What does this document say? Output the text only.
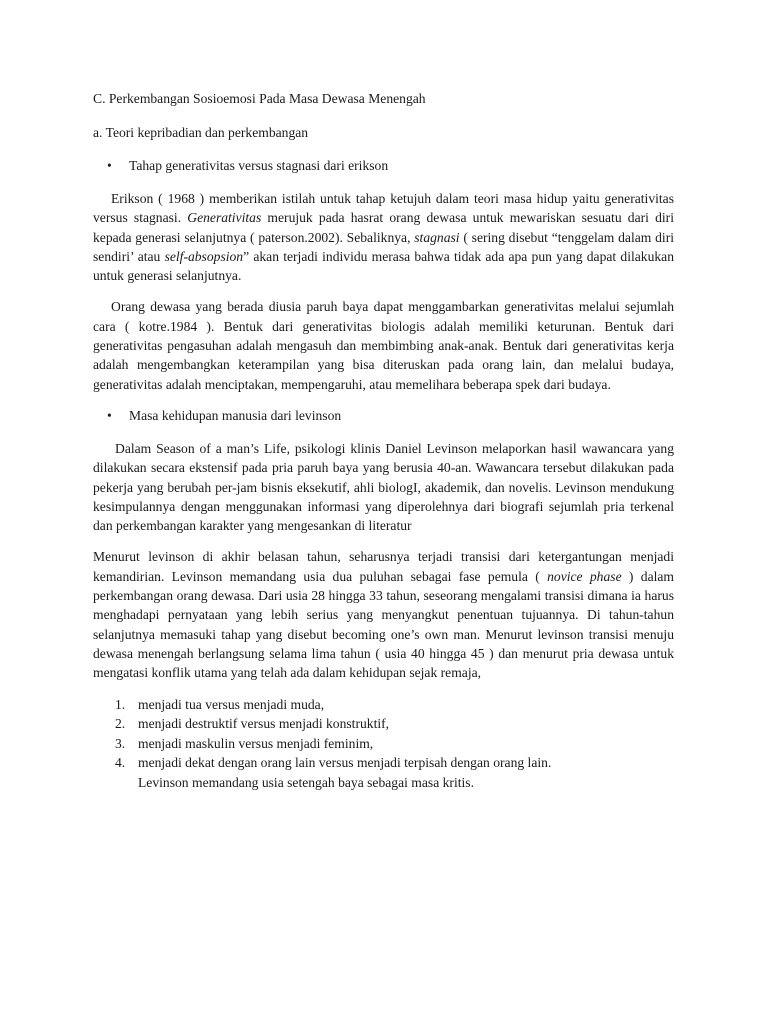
C. Perkembangan Sosioemosi Pada Masa Dewasa Menengah

a. Teori kepribadian dan perkembangan

•	Tahap generativitas versus stagnasi dari erikson

Erikson ( 1968 ) memberikan istilah untuk tahap ketujuh dalam teori masa hidup yaitu generativitas versus stagnasi. Generativitas merujuk pada hasrat orang dewasa untuk mewariskan sesuatu dari diri kepada generasi selanjutnya ( paterson.2002). Sebaliknya, stagnasi ( sering disebut “tenggelam dalam diri sendiri’ atau self-absopsion” akan terjadi individu merasa bahwa tidak ada apa pun yang dapat dilakukan untuk generasi selanjutnya.

Orang dewasa yang berada diusia paruh baya dapat menggambarkan generativitas melalui sejumlah cara ( kotre.1984 ). Bentuk dari generativitas biologis adalah memiliki keturunan. Bentuk dari generativitas pengasuhan adalah mengasuh dan membimbing anak-anak. Bentuk dari generativitas kerja adalah mengembangkan keterampilan yang bisa diteruskan pada orang lain, dan melalui budaya, generativitas adalah menciptakan, mempengaruhi, atau memelihara beberapa spek dari budaya.

•	Masa kehidupan manusia dari levinson

Dalam Season of a man’s Life, psikologi klinis Daniel Levinson melaporkan hasil wawancara yang dilakukan secara ekstensif pada pria paruh baya yang berusia 40-an. Wawancara tersebut dilakukan pada pekerja yang berubah per-jam bisnis eksekutif, ahli biologI, akademik, dan novelis. Levinson mendukung kesimpulannya dengan menggunakan informasi yang diperolehnya dari biografi sejumlah pria terkenal dan perkembangan karakter yang mengesankan di literatur

Menurut levinson di akhir belasan tahun, seharusnya terjadi transisi dari ketergantungan menjadi kemandirian. Levinson memandang usia dua puluhan sebagai fase pemula ( novice phase ) dalam perkembangan orang dewasa. Dari usia 28 hingga 33 tahun, seseorang mengalami transisi dimana ia harus menghadapi pernyataan yang lebih serius yang menyangkut penentuan tujuannya. Di tahun-tahun selanjutnya memasuki tahap yang disebut becoming one’s own man. Menurut levinson transisi menuju dewasa menengah berlangsung selama lima tahun ( usia 40 hingga 45 ) dan menurut pria dewasa untuk mengatasi konflik utama yang telah ada dalam kehidupan sejak remaja,

1. menjadi tua versus menjadi muda,
2. menjadi destruktif versus menjadi konstruktif,
3. menjadi maskulin versus menjadi feminim,
4. menjadi dekat dengan orang lain versus menjadi terpisah dengan orang lain.

Levinson memandang usia setengah baya sebagai masa kritis.
